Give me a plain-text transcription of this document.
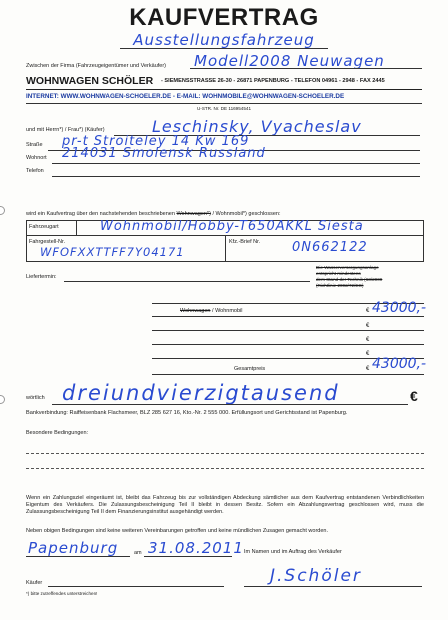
KAUFVERTRAG
Ausstellungsfahrzeug
Zwischen der Firma (Fahrzeugeigentümer und Verkäufer) Modell2008 Neuwagen
WOHNWAGEN SCHÖLER - SIEMENSSTRASSE 26-30 - 26871 PAPENBURG - TELEFON 04961 - 2948 - FAX 2445
INTERNET: WWW.WOHNWAGEN-SCHOELER.DE - E-MAIL: WOHNMOBILE@WOHNWAGEN-SCHOELER.DE
U-STR. Nr. DE 116954541
und mit Herrn*) / Frau*) (Käufer)	Leschinsky, Vyacheslav
Straße pr-t Stroiteley 14 Kw 169
Wohnort 214031 Smolensk Russland
Telefon
wird ein Kaufvertrag über den nachstehenden beschriebenen Wohnwagen*) / Wohnmobil*) geschlossen:
Fahrzeugart	Wohnmobil/Hobby-T650AKKL Siesta
Fahrgestell-Nr.
WFOFXXTTFF7Y04171
Kfz.-Brief Nr. 0N662122
Liefertermin:
Die Wasserversorgungsanlage
entspricht mindestens
dem Stand der Technik (63/2009
(Richtlinie 2002/72/EG)
Wohnwagen / Wohnmobil	€ 43000,-
€
€
€
Gesamtpreis	€ 43000,-
wörtlich dreiundvierzigtausend	€
Bankverbindung: Raiffeisenbank Flachsmeer, BLZ 285 627 16, Kto.-Nr. 2 555 000. Erfüllungsort und Gerichtsstand ist Papenburg.
Besondere Bedingungen:
Wenn ein Zahlungsziel eingeräumt ist, bleibt das Fahrzeug bis zur vollständigen Abdeckung sämtlicher aus dem Kaufvertrag entstandenen Verbindlichkeiten Eigentum des Verkäufers. Die Zulassungsbescheinigung Teil II bleibt in dessen Besitz. Sofern ein Abzahlungsvertrag geschlossen wird, muss die Zulassungsbescheinigung Teil II dem Finanzierungsinstitut ausgehändigt werden.
Neben obigen Bedingungen sind keine weiteren Vereinbarungen getroffen und keine mündlichen Zusagen gemacht worden.
Papenburg	am 31.08.2011 Im Namen und im Auftrag des Verkäufer
Käufer	J.Schöler
*) bitte zutreffendes unterstreichen!
